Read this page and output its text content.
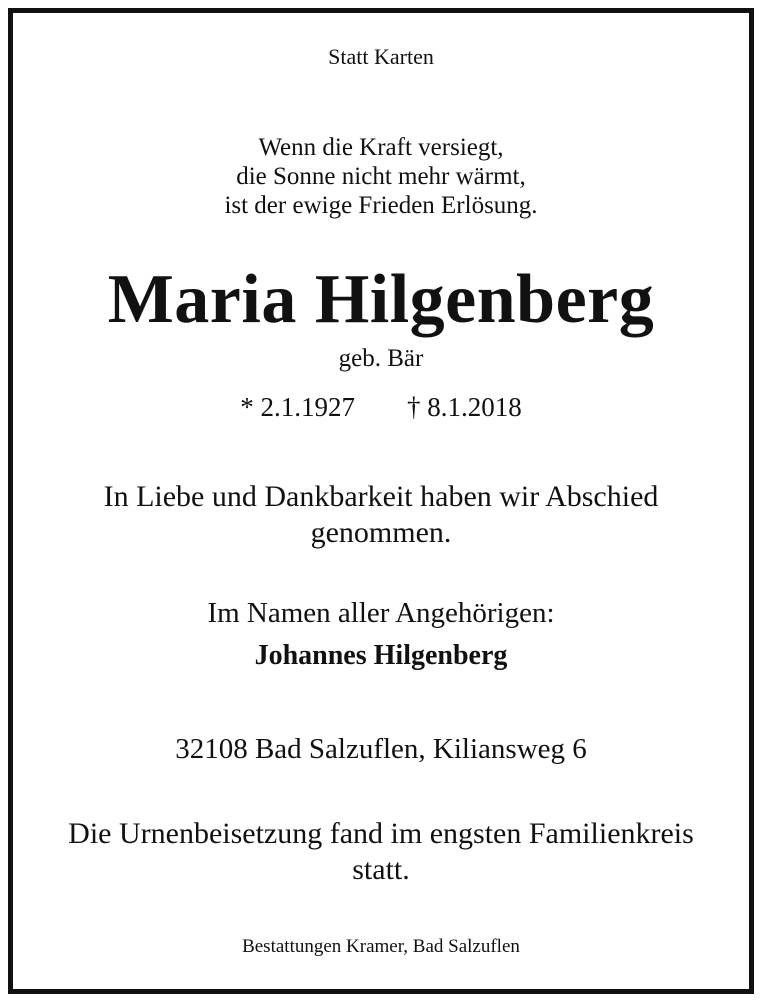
Statt Karten

Wenn die Kraft versiegt,
die Sonne nicht mehr wärmt,
ist der ewige Frieden Erlösung.
Maria Hilgenberg

geb. Bär

* 2.1.1927 † 8.1.2018

In Liebe und Dankbarkeit haben wir Abschied
genommen.

Im Namen aller Angehörigen:

Johannes Hilgenberg

32108 Bad Salzuflen, Kiliansweg 6

Die Urnenbeisetzung fand im engsten Familienkreis
statt.

Bestattungen Kramer, Bad Salzuflen
